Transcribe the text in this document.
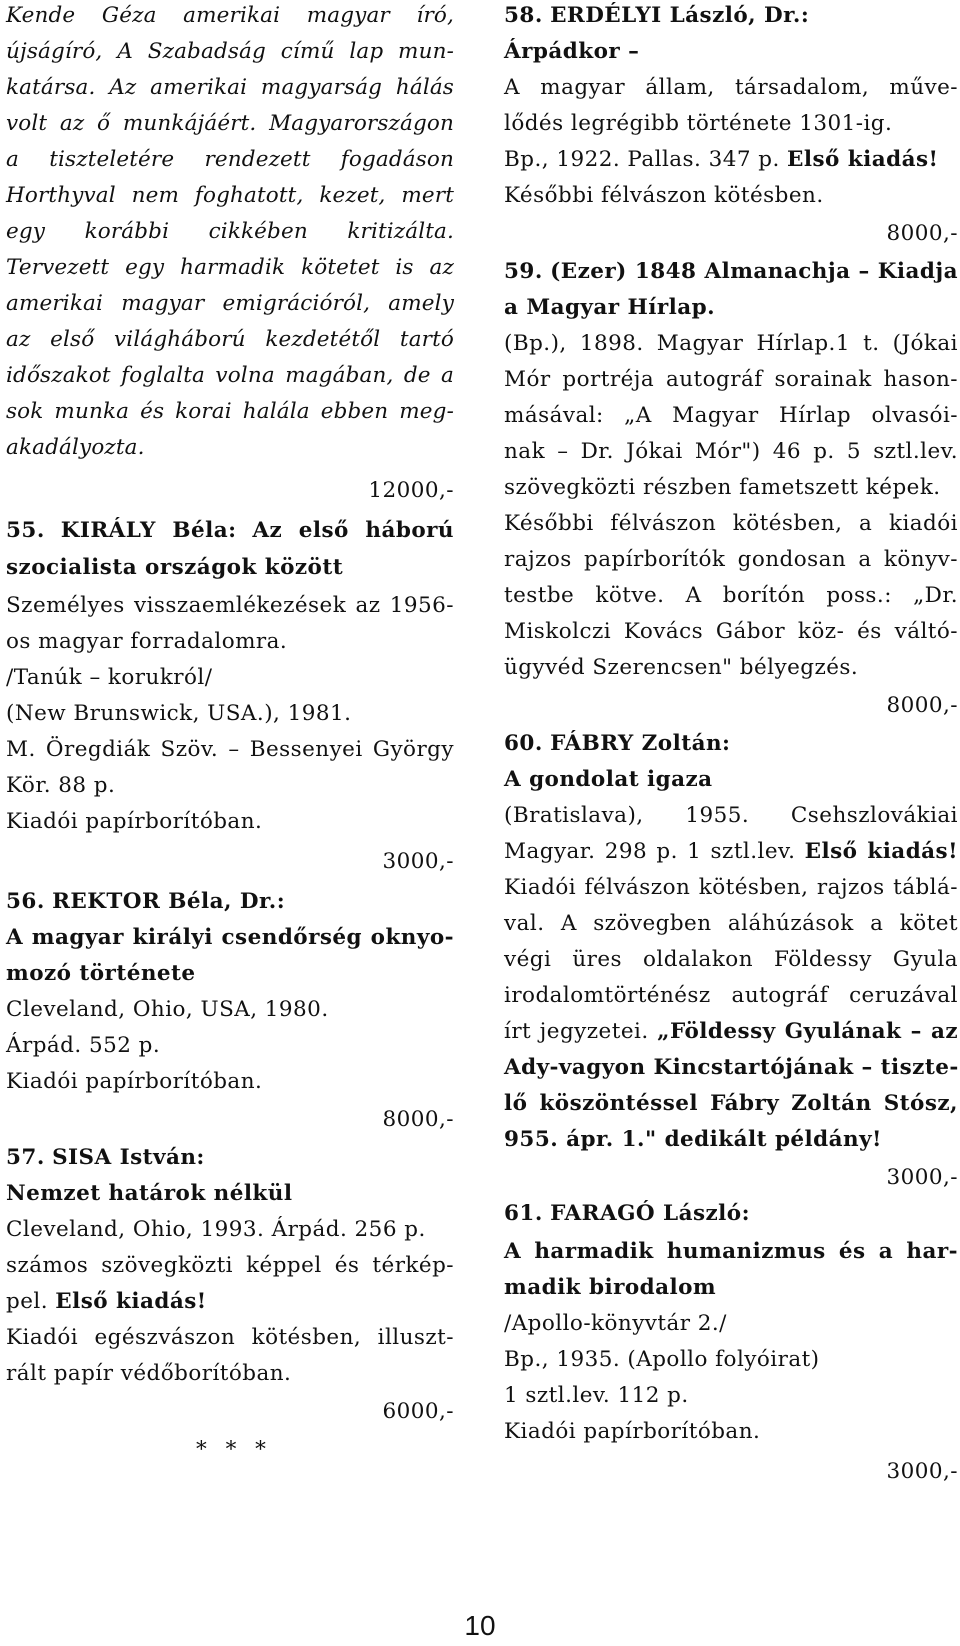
Kende Géza amerikai magyar író,
újságíró, A Szabadság című lap mun-
katársa. Az amerikai magyarság hálás
volt az ő munkájáért. Magyarországon
a tiszteletére rendezett fogadáson
Horthyval nem foghatott, kezet, mert
egy korábbi cikkében kritizálta.
Tervezett egy harmadik kötetet is az
amerikai magyar emigrációról, amely
az első világháború kezdetétől tartó
időszakot foglalta volna magában, de a
sok munka és korai halála ebben meg-
akadályozta.
12000,-
55. KIRÁLY Béla: Az első háború
szocialista országok között
Személyes visszaemlékezések az 1956-
os magyar forradalomra.
/Tanúk – korukról/
(New Brunswick, USA.), 1981.
M. Öregdiák Szöv. – Bessenyei György
Kör. 88 p.
Kiadói papírborítóban.
3000,-
56. REKTOR Béla, Dr.:
A magyar királyi csendőrség oknyo-
mozó története
Cleveland, Ohio, USA, 1980.
Árpád. 552 p.
Kiadói papírborítóban.
8000,-
57. SISA István:
Nemzet határok nélkül
Cleveland, Ohio, 1993. Árpád. 256 p.
számos szövegközti képpel és térkép-
pel. Első kiadás!
Kiadói egészvászon kötésben, illuszt-
rált papír védőborítóban.
6000,-
* * *
58. ERDÉLYI László, Dr.:
Árpádkor –
A magyar állam, társadalom, műve-
lődés legrégibb története 1301-ig.
Bp., 1922. Pallas. 347 p. Első kiadás!
Későbbi félvászon kötésben.
8000,-
59. (Ezer) 1848 Almanachja – Kiadja
a Magyar Hírlap.
(Bp.), 1898. Magyar Hírlap.1 t. (Jókai
Mór portréja autográf sorainak hason-
másával: „A Magyar Hírlap olvasói-
nak – Dr. Jókai Mór") 46 p. 5 sztl.lev.
szövegközti részben fametszett képek.
Későbbi félvászon kötésben, a kiadói
rajzos papírborítók gondosan a könyv-
testbe kötve. A borítón poss.: „Dr.
Miskolczi Kovács Gábor köz- és váltó-
ügyvéd Szerencsen" bélyegzés.
8000,-
60. FÁBRY Zoltán:
A gondolat igaza
(Bratislava), 1955. Csehszlovákiai
Magyar. 298 p. 1 sztl.lev. Első kiadás!
Kiadói félvászon kötésben, rajzos táblá-
val. A szövegben aláhúzások a kötet
végi üres oldalakon Földessy Gyula
irodalomtörténész autográf ceruzával
írt jegyzetei. „Földessy Gyulának – az
Ady-vagyon Kincstartójának – tiszte-
lő köszöntéssel Fábry Zoltán Stósz,
955. ápr. 1." dedikált példány!
3000,-
61. FARAGÓ László:
A harmadik humanizmus és a har-
madik birodalom
/Apollo-könyvtár 2./
Bp., 1935. (Apollo folyóirat)
1 sztl.lev. 112 p.
Kiadói papírborítóban.
3000,-
10
